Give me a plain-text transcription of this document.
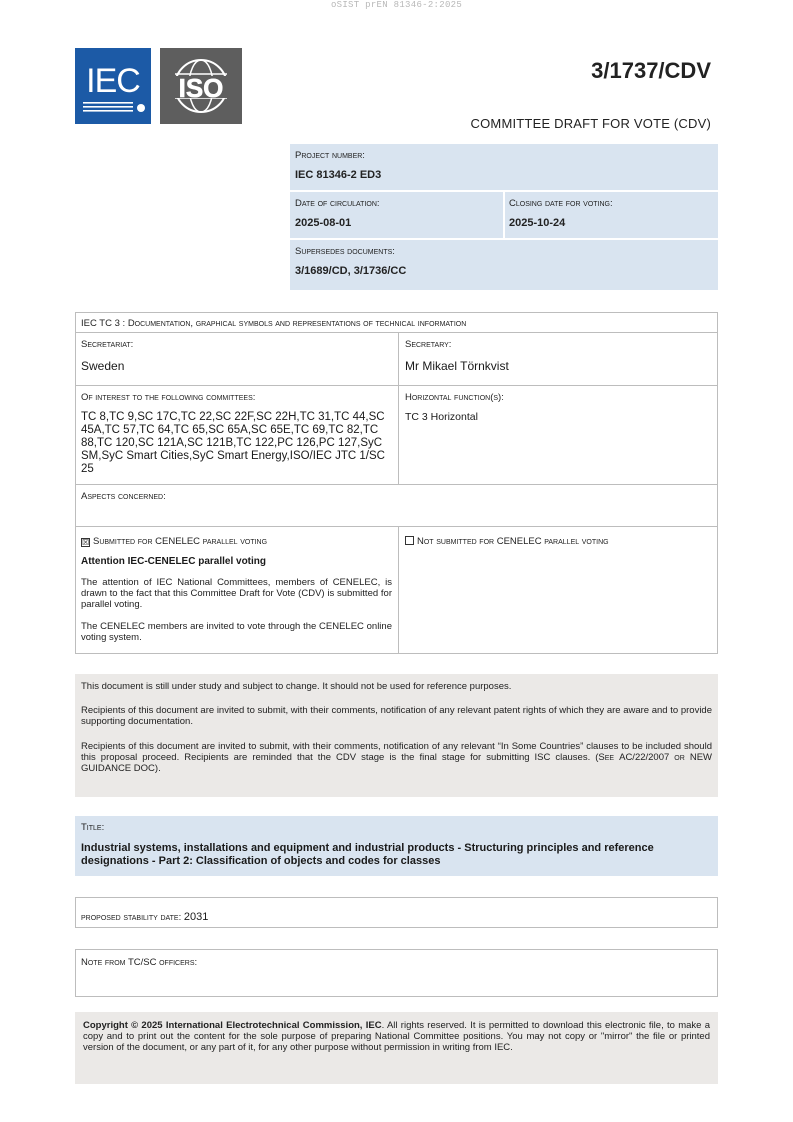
oSIST prEN 81346-2:2025
IEC ISO
3/1737/CDV
COMMITTEE DRAFT FOR VOTE (CDV)
Project number:
IEC 81346-2 ED3
Date of circulation:
2025-08-01
Closing date for voting:
2025-10-24
Supersedes documents:
3/1689/CD, 3/1736/CC
IEC TC 3 : Documentation, graphical symbols and representations of technical information
Secretariat:
Sweden
Secretary:
Mr Mikael Törnkvist
Of interest to the following committees:
TC 8,TC 9,SC 17C,TC 22,SC 22F,SC 22H,TC 31,TC 44,SC 45A,TC 57,TC 64,TC 65,SC 65A,SC 65E,TC 69,TC 82,TC 88,TC 120,SC 121A,SC 121B,TC 122,PC 126,PC 127,SyC SM,SyC Smart Cities,SyC Smart Energy,ISO/IEC JTC 1/SC 25
Horizontal function(s):
TC 3 Horizontal
Aspects concerned:
☒ Submitted for CENELEC parallel voting
Attention IEC-CENELEC parallel voting
The attention of IEC National Committees, members of CENELEC, is drawn to the fact that this Committee Draft for Vote (CDV) is submitted for parallel voting.
The CENELEC members are invited to vote through the CENELEC online voting system.
Not submitted for CENELEC parallel voting
This document is still under study and subject to change. It should not be used for reference purposes.
Recipients of this document are invited to submit, with their comments, notification of any relevant patent rights of which they are aware and to provide supporting documentation.
Recipients of this document are invited to submit, with their comments, notification of any relevant “In Some Countries” clauses to be included should this proposal proceed. Recipients are reminded that the CDV stage is the final stage for submitting ISC clauses. (See AC/22/2007 or NEW GUIDANCE DOC).
Title:
Industrial systems, installations and equipment and industrial products - Structuring principles and reference designations - Part 2: Classification of objects and codes for classes
proposed stability date: 2031
Note from TC/SC officers:
Copyright © 2025 International Electrotechnical Commission, IEC. All rights reserved. It is permitted to download this electronic file, to make a copy and to print out the content for the sole purpose of preparing National Committee positions. You may not copy or "mirror" the file or printed version of the document, or any part of it, for any other purpose without permission in writing from IEC.
